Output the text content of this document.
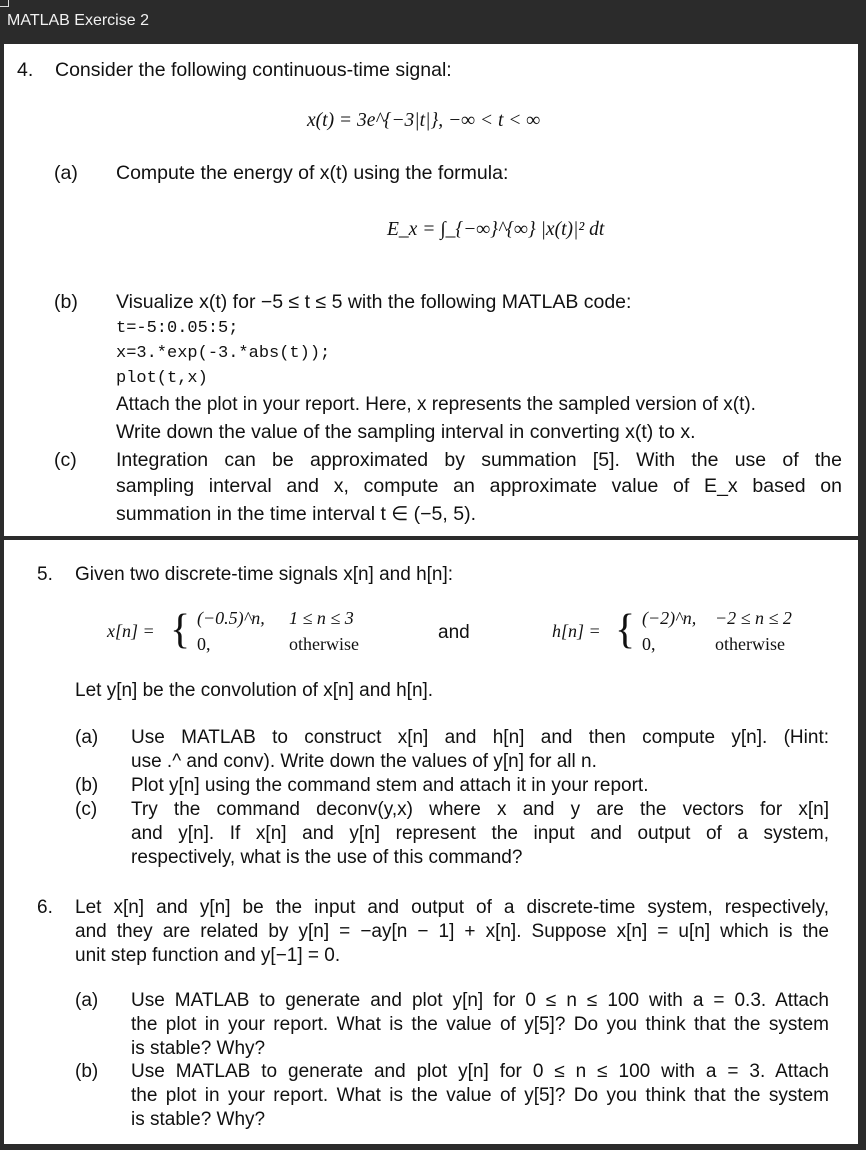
MATLAB Exercise 2
4. Consider the following continuous-time signal:
x(t) = 3e^{−3|t|}, −∞ < t < ∞
(a) Compute the energy of x(t) using the formula:
E_x = ∫_{−∞}^{∞} |x(t)|² dt
(b) Visualize x(t) for −5 ≤ t ≤ 5 with the following MATLAB code:
t=-5:0.05:5;
x=3.*exp(-3.*abs(t));
plot(t,x)
Attach the plot in your report. Here, x represents the sampled version of x(t).
Write down the value of the sampling interval in converting x(t) to x.
(c) Integration can be approximated by summation [5]. With the use of the
sampling interval and x, compute an approximate value of E_x based on
summation in the time interval t ∈ (−5, 5).
5. Given two discrete-time signals x[n] and h[n]:
x[n] = { (−0.5)^n, 1 ≤ n ≤ 3
0,	otherwise
and	h[n] = { (−2)^n, −2 ≤ n ≤ 2
0,	otherwise
Let y[n] be the convolution of x[n] and h[n].
(a) Use MATLAB to construct x[n] and h[n] and then compute y[n]. (Hint:
use .^ and conv). Write down the values of y[n] for all n.
(b) Plot y[n] using the command stem and attach it in your report.
(c) Try the command deconv(y,x) where x and y are the vectors for x[n]
and y[n]. If x[n] and y[n] represent the input and output of a system,
respectively, what is the use of this command?
6. Let x[n] and y[n] be the input and output of a discrete-time system, respectively,
and they are related by y[n] = −ay[n − 1] + x[n]. Suppose x[n] = u[n] which is the
unit step function and y[−1] = 0.
(a) Use MATLAB to generate and plot y[n] for 0 ≤ n ≤ 100 with a = 0.3. Attach
the plot in your report. What is the value of y[5]? Do you think that the system
is stable? Why?
(b) Use MATLAB to generate and plot y[n] for 0 ≤ n ≤ 100 with a = 3. Attach
the plot in your report. What is the value of y[5]? Do you think that the system
is stable? Why?
